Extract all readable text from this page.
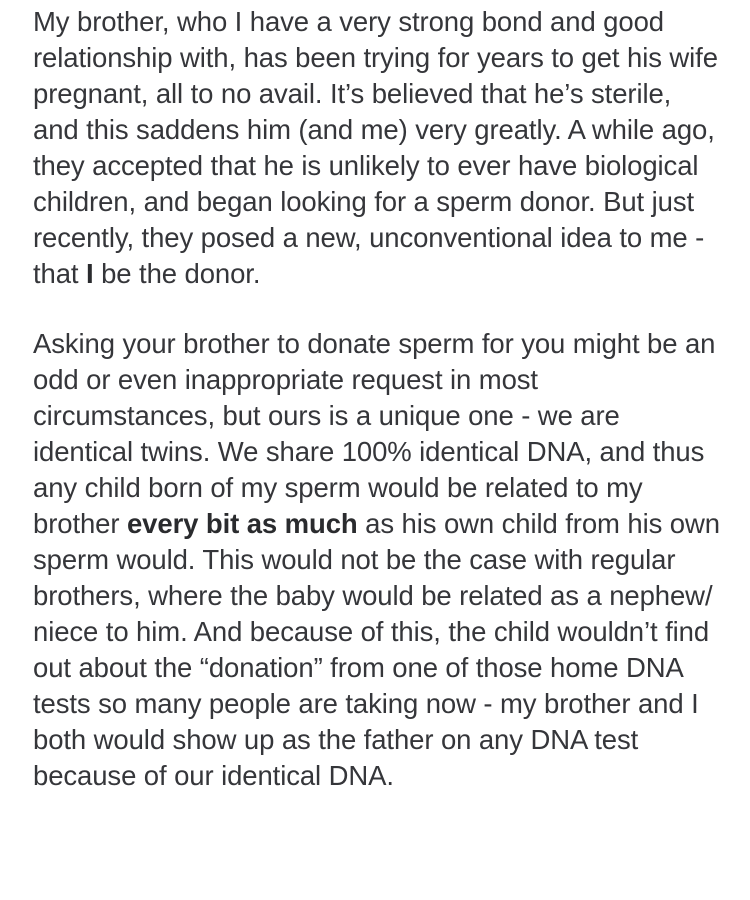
My brother, who I have a very strong bond and good relationship with, has been trying for years to get his wife pregnant, all to no avail. It’s believed that he’s sterile, and this saddens him (and me) very greatly. A while ago, they accepted that he is unlikely to ever have biological children, and began looking for a sperm donor. But just recently, they posed a new, unconventional idea to me - that I be the donor.

Asking your brother to donate sperm for you might be an odd or even inappropriate request in most circumstances, but ours is a unique one - we are identical twins. We share 100% identical DNA, and thus any child born of my sperm would be related to my brother every bit as much as his own child from his own sperm would. This would not be the case with regular brothers, where the baby would be related as a nephew/ niece to him. And because of this, the child wouldn’t find out about the “donation” from one of those home DNA tests so many people are taking now - my brother and I both would show up as the father on any DNA test because of our identical DNA.
